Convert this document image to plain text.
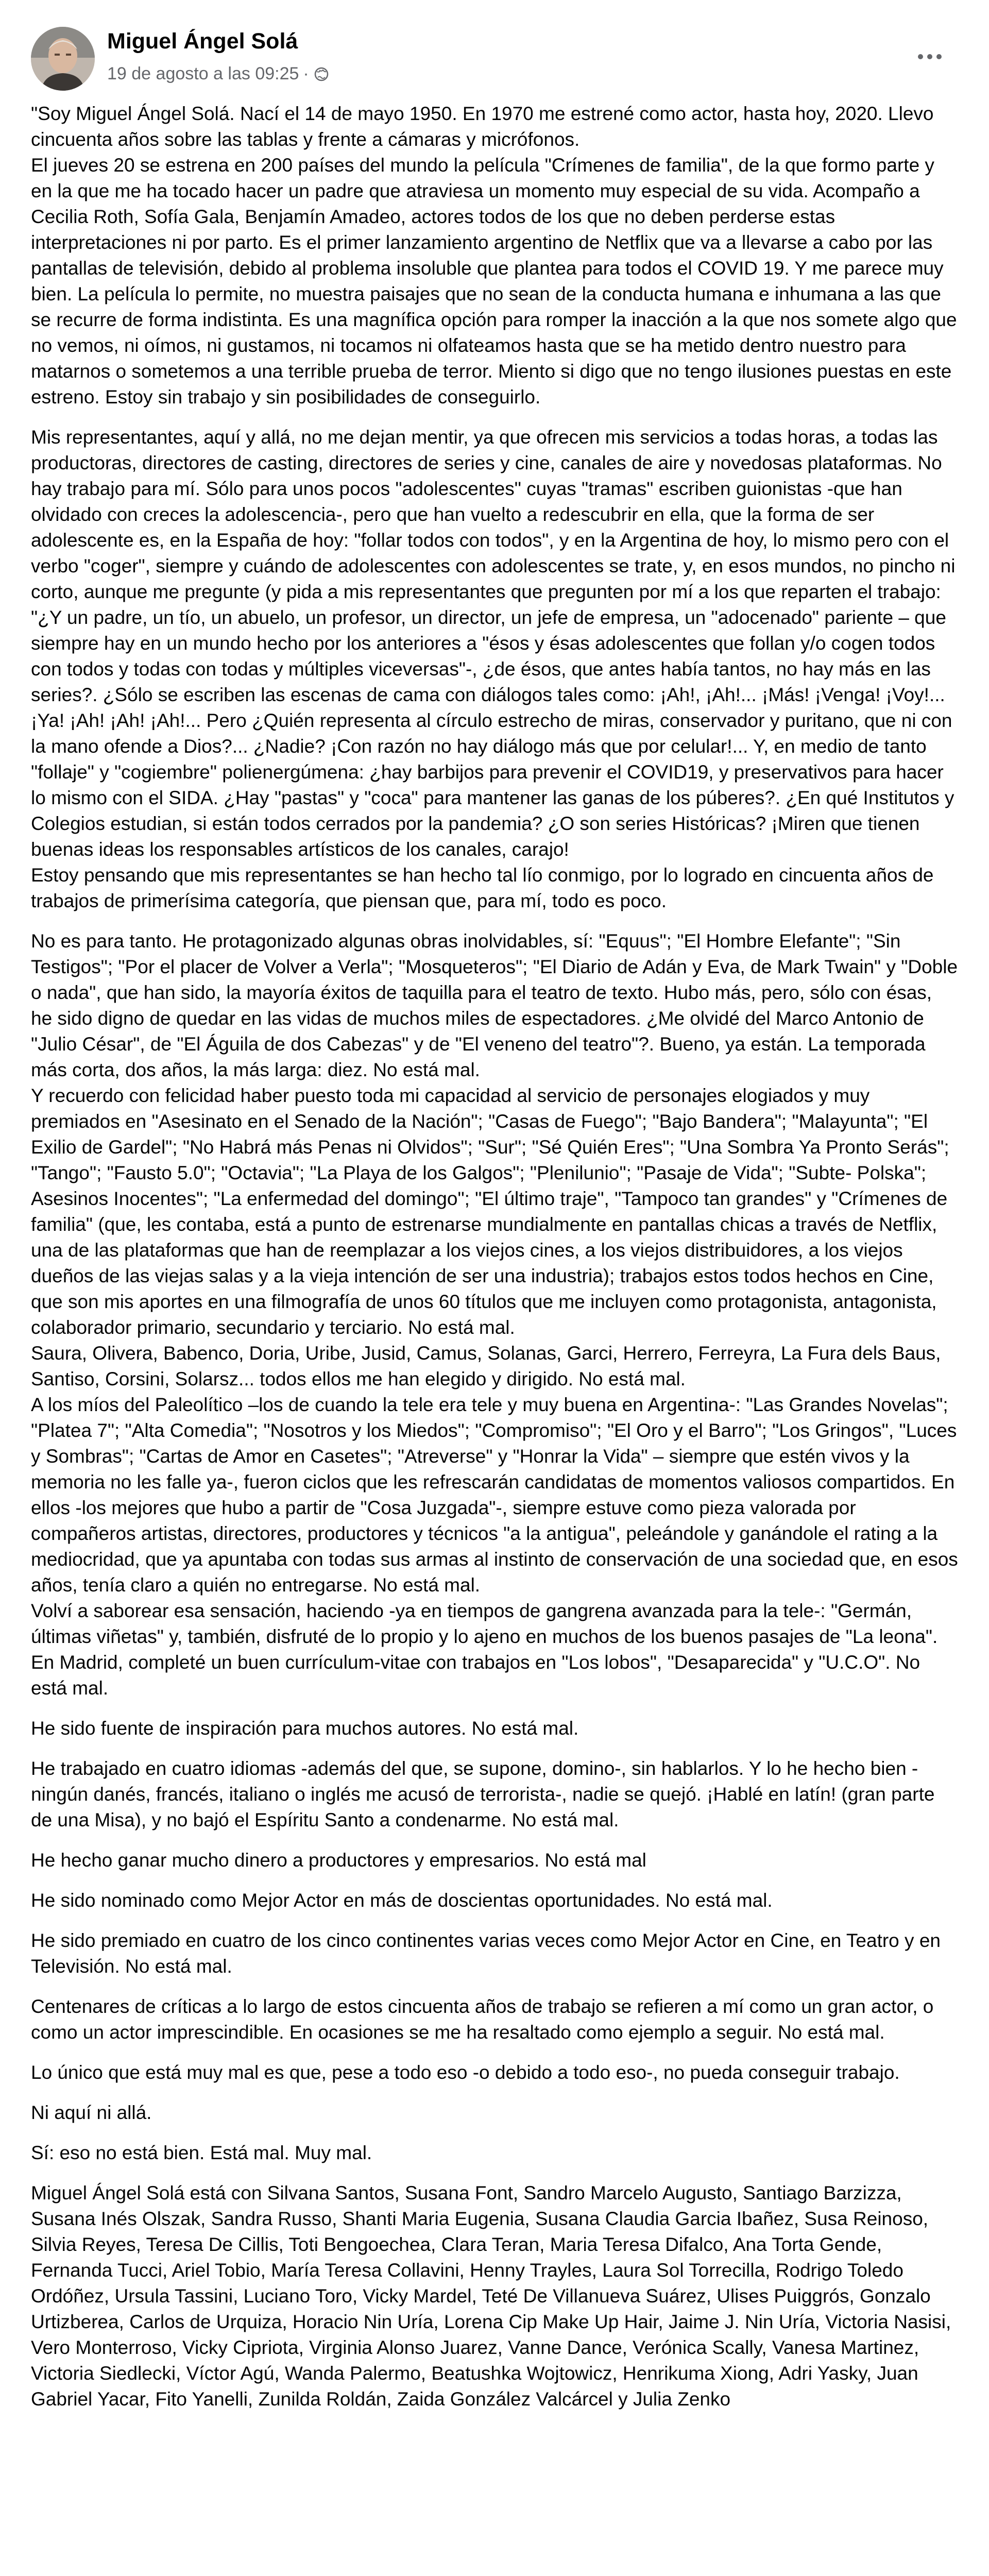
Miguel Ángel Solá
19 de agosto a las 09:25 ·

"Soy Miguel Ángel Solá. Nací el 14 de mayo 1950. En 1970 me estrené como actor, hasta hoy, 2020. Llevo cincuenta años sobre las tablas y frente a cámaras y micrófonos.
El jueves 20 se estrena en 200 países del mundo la película "Crímenes de familia", de la que formo parte y en la que me ha tocado hacer un padre que atraviesa un momento muy especial de su vida. Acompaño a Cecilia Roth, Sofía Gala, Benjamín Amadeo, actores todos de los que no deben perderse estas interpretaciones ni por parto. Es el primer lanzamiento argentino de Netflix que va a llevarse a cabo por las pantallas de televisión, debido al problema insoluble que plantea para todos el COVID 19. Y me parece muy bien. La película lo permite, no muestra paisajes que no sean de la conducta humana e inhumana a las que se recurre de forma indistinta. Es una magnífica opción para romper la inacción a la que nos somete algo que no vemos, ni oímos, ni gustamos, ni tocamos ni olfateamos hasta que se ha metido dentro nuestro para matarnos o sometemos a una terrible prueba de terror. Miento si digo que no tengo ilusiones puestas en este estreno. Estoy sin trabajo y sin posibilidades de conseguirlo.

Mis representantes, aquí y allá, no me dejan mentir, ya que ofrecen mis servicios a todas horas, a todas las productoras, directores de casting, directores de series y cine, canales de aire y novedosas plataformas. No hay trabajo para mí. Sólo para unos pocos "adolescentes" cuyas "tramas" escriben guionistas -que han olvidado con creces la adolescencia-, pero que han vuelto a redescubrir en ella, que la forma de ser adolescente es, en la España de hoy: "follar todos con todos", y en la Argentina de hoy, lo mismo pero con el verbo "coger", siempre y cuándo de adolescentes con adolescentes se trate, y, en esos mundos, no pincho ni corto, aunque me pregunte (y pida a mis representantes que pregunten por mí a los que reparten el trabajo: "¿Y un padre, un tío, un abuelo, un profesor, un director, un jefe de empresa, un "adocenado" pariente – que siempre hay en un mundo hecho por los anteriores a "ésos y ésas adolescentes que follan y/o cogen todos con todos y todas con todas y múltiples viceversas"-, ¿de ésos, que antes había tantos, no hay más en las series?. ¿Sólo se escriben las escenas de cama con diálogos tales como: ¡Ah!, ¡Ah!... ¡Más! ¡Venga! ¡Voy!... ¡Ya! ¡Ah! ¡Ah! ¡Ah!... Pero ¿Quién representa al círculo estrecho de miras, conservador y puritano, que ni con la mano ofende a Dios?... ¿Nadie? ¡Con razón no hay diálogo más que por celular!... Y, en medio de tanto "follaje" y "cogiembre" polienergúmena: ¿hay barbijos para prevenir el COVID19, y preservativos para hacer lo mismo con el SIDA. ¿Hay "pastas" y "coca" para mantener las ganas de los púberes?. ¿En qué Institutos y Colegios estudian, si están todos cerrados por la pandemia? ¿O son series Históricas? ¡Miren que tienen buenas ideas los responsables artísticos de los canales, carajo!
Estoy pensando que mis representantes se han hecho tal lío conmigo, por lo logrado en cincuenta años de trabajos de primerísima categoría, que piensan que, para mí, todo es poco.

No es para tanto. He protagonizado algunas obras inolvidables, sí: "Equus"; "El Hombre Elefante"; "Sin Testigos"; "Por el placer de Volver a Verla"; "Mosqueteros"; "El Diario de Adán y Eva, de Mark Twain" y "Doble o nada", que han sido, la mayoría éxitos de taquilla para el teatro de texto. Hubo más, pero, sólo con ésas, he sido digno de quedar en las vidas de muchos miles de espectadores. ¿Me olvidé del Marco Antonio de "Julio César", de "El Águila de dos Cabezas" y de "El veneno del teatro"?. Bueno, ya están. La temporada más corta, dos años, la más larga: diez. No está mal.
Y recuerdo con felicidad haber puesto toda mi capacidad al servicio de personajes elogiados y muy premiados en "Asesinato en el Senado de la Nación"; "Casas de Fuego"; "Bajo Bandera"; "Malayunta"; "El Exilio de Gardel"; "No Habrá más Penas ni Olvidos"; "Sur"; "Sé Quién Eres"; "Una Sombra Ya Pronto Serás"; "Tango"; "Fausto 5.0"; "Octavia"; "La Playa de los Galgos"; "Plenilunio"; "Pasaje de Vida"; "Subte- Polska"; Asesinos Inocentes"; "La enfermedad del domingo"; "El último traje", "Tampoco tan grandes" y "Crímenes de familia" (que, les contaba, está a punto de estrenarse mundialmente en pantallas chicas a través de Netflix, una de las plataformas que han de reemplazar a los viejos cines, a los viejos distribuidores, a los viejos dueños de las viejas salas y a la vieja intención de ser una industria); trabajos estos todos hechos en Cine, que son mis aportes en una filmografía de unos 60 títulos que me incluyen como protagonista, antagonista, colaborador primario, secundario y terciario. No está mal.
Saura, Olivera, Babenco, Doria, Uribe, Jusid, Camus, Solanas, Garci, Herrero, Ferreyra, La Fura dels Baus, Santiso, Corsini, Solarsz... todos ellos me han elegido y dirigido. No está mal.
A los míos del Paleolítico –los de cuando la tele era tele y muy buena en Argentina-: "Las Grandes Novelas"; "Platea 7"; "Alta Comedia"; "Nosotros y los Miedos"; "Compromiso"; "El Oro y el Barro"; "Los Gringos", "Luces y Sombras"; "Cartas de Amor en Casetes"; "Atreverse" y "Honrar la Vida" – siempre que estén vivos y la memoria no les falle ya-, fueron ciclos que les refrescarán candidatas de momentos valiosos compartidos. En ellos -los mejores que hubo a partir de "Cosa Juzgada"-, siempre estuve como pieza valorada por compañeros artistas, directores, productores y técnicos "a la antigua", peleándole y ganándole el rating a la mediocridad, que ya apuntaba con todas sus armas al instinto de conservación de una sociedad que, en esos años, tenía claro a quién no entregarse. No está mal.
Volví a saborear esa sensación, haciendo -ya en tiempos de gangrena avanzada para la tele-: "Germán, últimas viñetas" y, también, disfruté de lo propio y lo ajeno en muchos de los buenos pasajes de "La leona". En Madrid, completé un buen currículum-vitae con trabajos en "Los lobos", "Desaparecida" y "U.C.O". No está mal.

He sido fuente de inspiración para muchos autores. No está mal.

He trabajado en cuatro idiomas -además del que, se supone, domino-, sin hablarlos. Y lo he hecho bien -ningún danés, francés, italiano o inglés me acusó de terrorista-, nadie se quejó. ¡Hablé en latín! (gran parte de una Misa), y no bajó el Espíritu Santo a condenarme. No está mal.

He hecho ganar mucho dinero a productores y empresarios. No está mal

He sido nominado como Mejor Actor en más de doscientas oportunidades. No está mal.

He sido premiado en cuatro de los cinco continentes varias veces como Mejor Actor en Cine, en Teatro y en Televisión. No está mal.

Centenares de críticas a lo largo de estos cincuenta años de trabajo se refieren a mí como un gran actor, o como un actor imprescindible. En ocasiones se me ha resaltado como ejemplo a seguir. No está mal.

Lo único que está muy mal es que, pese a todo eso -o debido a todo eso-, no pueda conseguir trabajo.

Ni aquí ni allá.

Sí: eso no está bien. Está mal. Muy mal.

Miguel Ángel Solá está con Silvana Santos, Susana Font, Sandro Marcelo Augusto, Santiago Barzizza, Susana Inés Olszak, Sandra Russo, Shanti Maria Eugenia, Susana Claudia Garcia Ibañez, Susa Reinoso, Silvia Reyes, Teresa De Cillis, Toti Bengoechea, Clara Teran, Maria Teresa Difalco, Ana Torta Gende, Fernanda Tucci, Ariel Tobio, María Teresa Collavini, Henny Trayles, Laura Sol Torrecilla, Rodrigo Toledo Ordóñez, Ursula Tassini, Luciano Toro, Vicky Mardel, Teté De Villanueva Suárez, Ulises Puiggrós, Gonzalo Urtizberea, Carlos de Urquiza, Horacio Nin Uría, Lorena Cip Make Up Hair, Jaime J. Nin Uría, Victoria Nasisi, Vero Monterroso, Vicky Cipriota, Virginia Alonso Juarez, Vanne Dance, Verónica Scally, Vanesa Martinez, Victoria Siedlecki, Víctor Agú, Wanda Palermo, Beatushka Wojtowicz, Henrikuma Xiong, Adri Yasky, Juan Gabriel Yacar, Fito Yanelli, Zunilda Roldán, Zaida González Valcárcel y Julia Zenko
